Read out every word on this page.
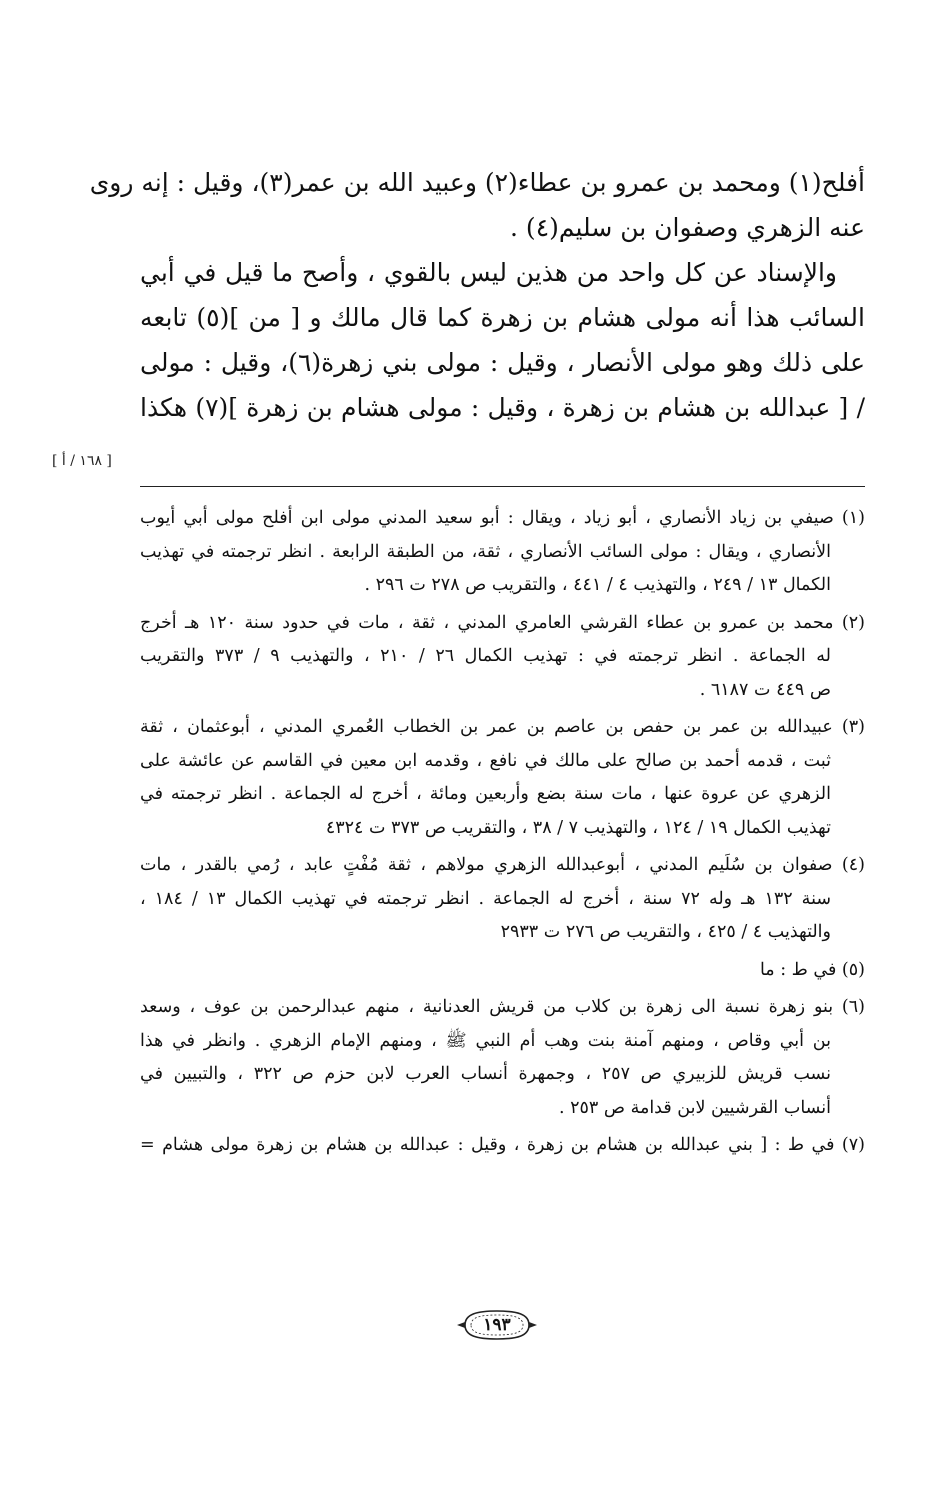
أفلح(١) ومحمد بن عمرو بن عطاء(٢) وعبيد الله بن عمر(٣)، وقيل : إنه روى
عنه الزهري وصفوان بن سليم(٤) .
والإسناد عن كل واحد من هذين ليس بالقوي ، وأصح ما قيل في أبي
السائب هذا أنه مولى هشام بن زهرة كما قال مالك و [ من ](٥) تابعه
على ذلك وهو مولى الأنصار ، وقيل : مولى بني زهرة(٦)، وقيل : مولى
/ [ عبدالله بن هشام بن زهرة ، وقيل : مولى هشام بن زهرة ](٧) هكذا
[ ١٦٨ / أ ]
(١) صيفي بن زياد الأنصاري ، أبو زياد ، ويقال : أبو سعيد المدني مولى ابن أفلح مولى أبي أيوب
الأنصاري ، ويقال : مولى السائب الأنصاري ، ثقة، من الطبقة الرابعة . انظر ترجمته في تهذيب
الكمال ١٣ / ٢٤٩ ، والتهذيب ٤ / ٤٤١ ، والتقريب ص ٢٧٨ ت ٢٩٦ .
(٢) محمد بن عمرو بن عطاء القرشي العامري المدني ، ثقة ، مات في حدود سنة ١٢٠ هـ أخرج
له الجماعة . انظر ترجمته في : تهذيب الكمال ٢٦ / ٢١٠ ، والتهذيب ٩ / ٣٧٣ والتقريب
ص ٤٤٩ ت ٦١٨٧ .
(٣) عبيدالله بن عمر بن حفص بن عاصم بن عمر بن الخطاب العُمري المدني ، أبوعثمان ، ثقة
ثبت ، قدمه أحمد بن صالح على مالك في نافع ، وقدمه ابن معين في القاسم عن عائشة على
الزهري عن عروة عنها ، مات سنة بضع وأربعين ومائة ، أخرج له الجماعة . انظر ترجمته في
تهذيب الكمال ١٩ / ١٢٤ ، والتهذيب ٧ / ٣٨ ، والتقريب ص ٣٧٣ ت ٤٣٢٤
(٤) صفوان بن سُلَيم المدني ، أبوعبدالله الزهري مولاهم ، ثقة مُفْتٍ عابد ، رُمي بالقدر ، مات
سنة ١٣٢ هـ وله ٧٢ سنة ، أخرج له الجماعة . انظر ترجمته في تهذيب الكمال ١٣ / ١٨٤ ،
والتهذيب ٤ / ٤٢٥ ، والتقريب ص ٢٧٦ ت ٢٩٣٣
(٥) في ط : ما
(٦) بنو زهرة نسبة الى زهرة بن كلاب من قريش العدنانية ، منهم عبدالرحمن بن عوف ، وسعد
بن أبي وقاص ، ومنهم آمنة بنت وهب أم النبي ﷺ ، ومنهم الإمام الزهري . وانظر في هذا
نسب قريش للزبيري ص ٢٥٧ ، وجمهرة أنساب العرب لابن حزم ص ٣٢٢ ، والتبيين في
أنساب القرشيين لابن قدامة ص ٢٥٣ .
(٧) في ط : [ بني عبدالله بن هشام بن زهرة ، وقيل : عبدالله بن هشام بن زهرة مولى هشام =
١٩٣
